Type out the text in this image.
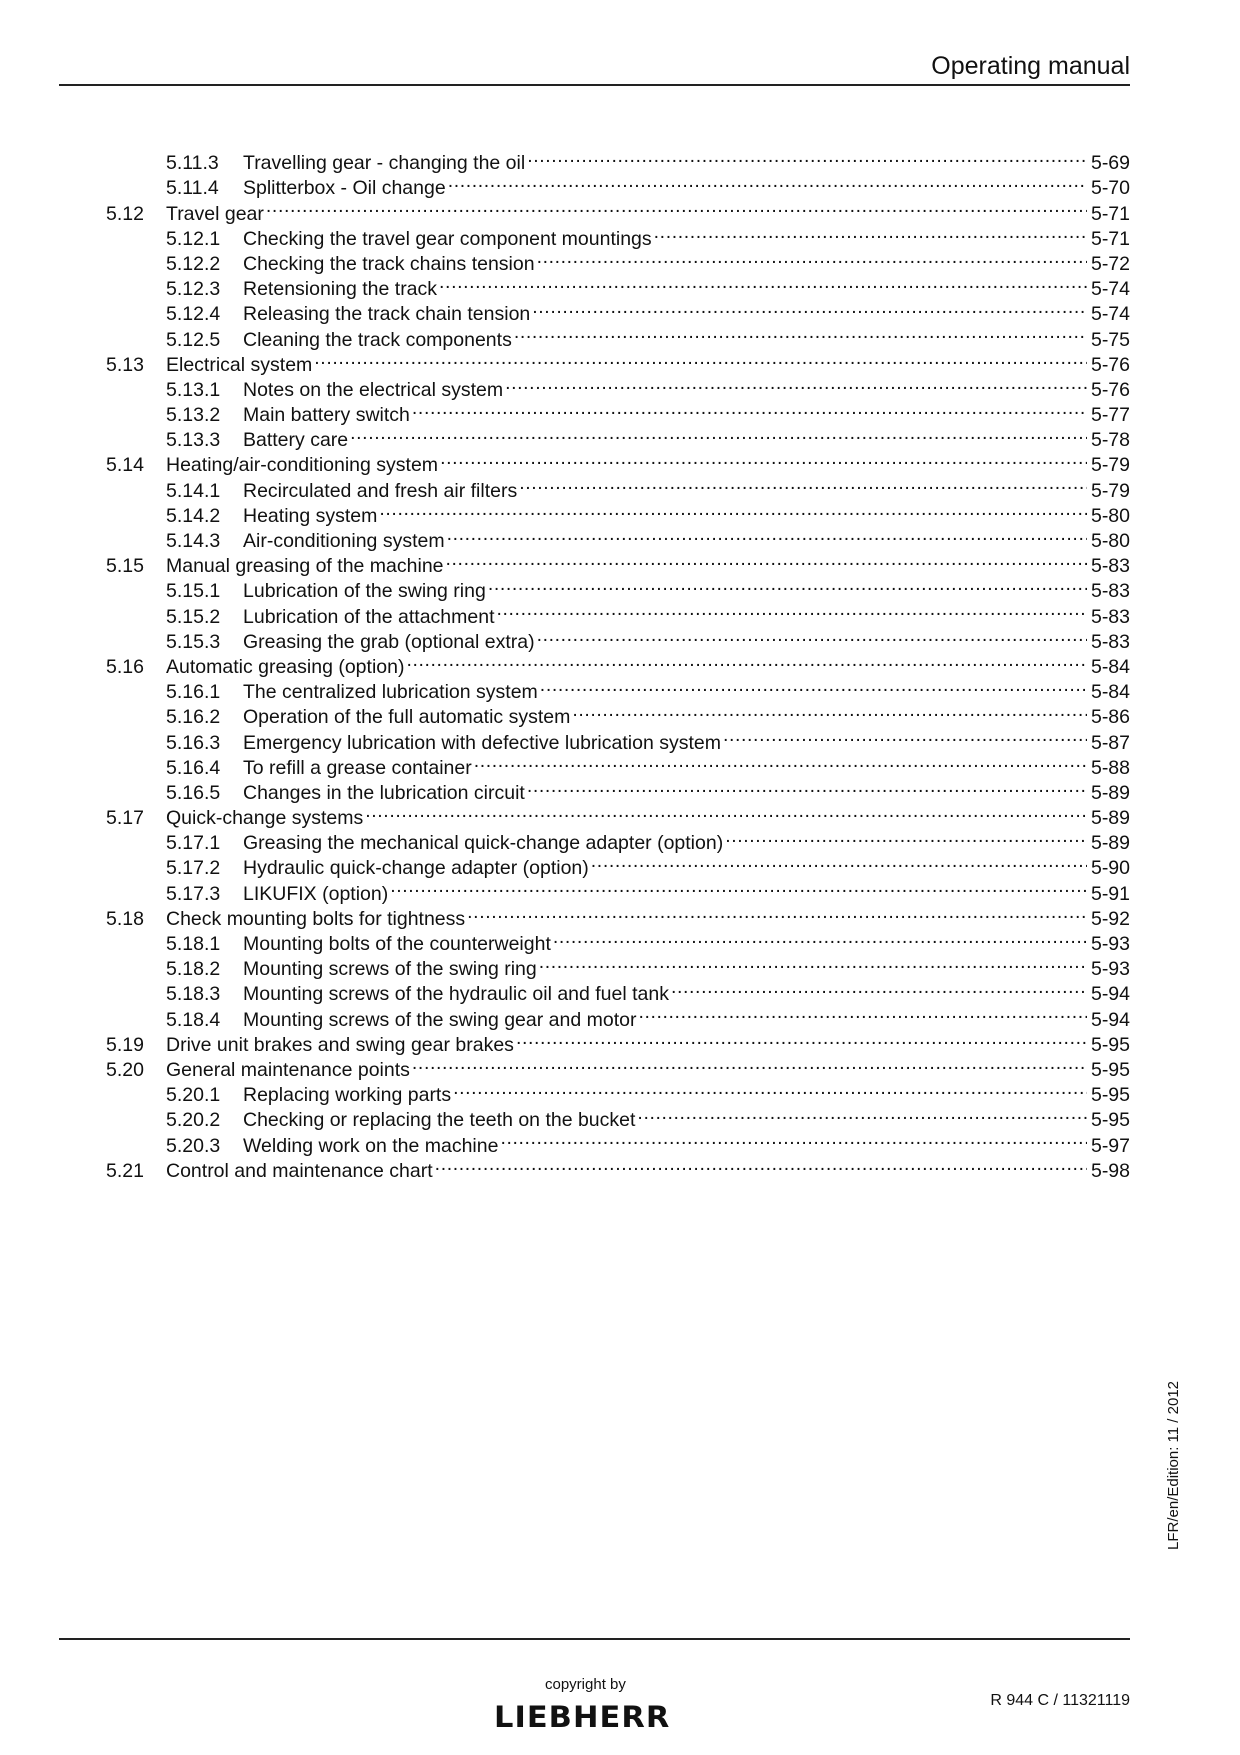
Operating manual
5.11.3	Travelling gear - changing the oil .....	5-69
5.11.4	Splitterbox - Oil change .....	5-70
5.12	Travel gear .....	5-71
5.12.1	Checking the travel gear component mountings .....	5-71
5.12.2	Checking the track chains tension .....	5-72
5.12.3	Retensioning the track .....	5-74
5.12.4	Releasing the track chain tension .....	5-74
5.12.5	Cleaning the track components .....	5-75
5.13	Electrical system .....	5-76
5.13.1	Notes on the electrical system .....	5-76
5.13.2	Main battery switch .....	5-77
5.13.3	Battery care .....	5-78
5.14	Heating/air-conditioning system .....	5-79
5.14.1	Recirculated and fresh air filters .....	5-79
5.14.2	Heating system .....	5-80
5.14.3	Air-conditioning system .....	5-80
5.15	Manual greasing of the machine .....	5-83
5.15.1	Lubrication of the swing ring .....	5-83
5.15.2	Lubrication of the attachment .....	5-83
5.15.3	Greasing the grab (optional extra) .....	5-83
5.16	Automatic greasing (option) .....	5-84
5.16.1	The centralized lubrication system .....	5-84
5.16.2	Operation of the full automatic system .....	5-86
5.16.3	Emergency lubrication with defective lubrication system .....	5-87
5.16.4	To refill a grease container .....	5-88
5.16.5	Changes in the lubrication circuit .....	5-89
5.17	Quick-change systems .....	5-89
5.17.1	Greasing the mechanical quick-change adapter (option) .....	5-89
5.17.2	Hydraulic quick-change adapter (option) .....	5-90
5.17.3	LIKUFIX (option) .....	5-91
5.18	Check mounting bolts for tightness .....	5-92
5.18.1	Mounting bolts of the counterweight .....	5-93
5.18.2	Mounting screws of the swing ring .....	5-93
5.18.3	Mounting screws of the hydraulic oil and fuel tank .....	5-94
5.18.4	Mounting screws of the swing gear and motor .....	5-94
5.19	Drive unit brakes and swing gear brakes .....	5-95
5.20	General maintenance points .....	5-95
5.20.1	Replacing working parts .....	5-95
5.20.2	Checking or replacing the teeth on the bucket .....	5-95
5.20.3	Welding work on the machine .....	5-97
5.21	Control and maintenance chart .....	5-98
LFR/en/Edition: 11 / 2012
copyright by
LIEBHERR	R 944 C / 11321119
